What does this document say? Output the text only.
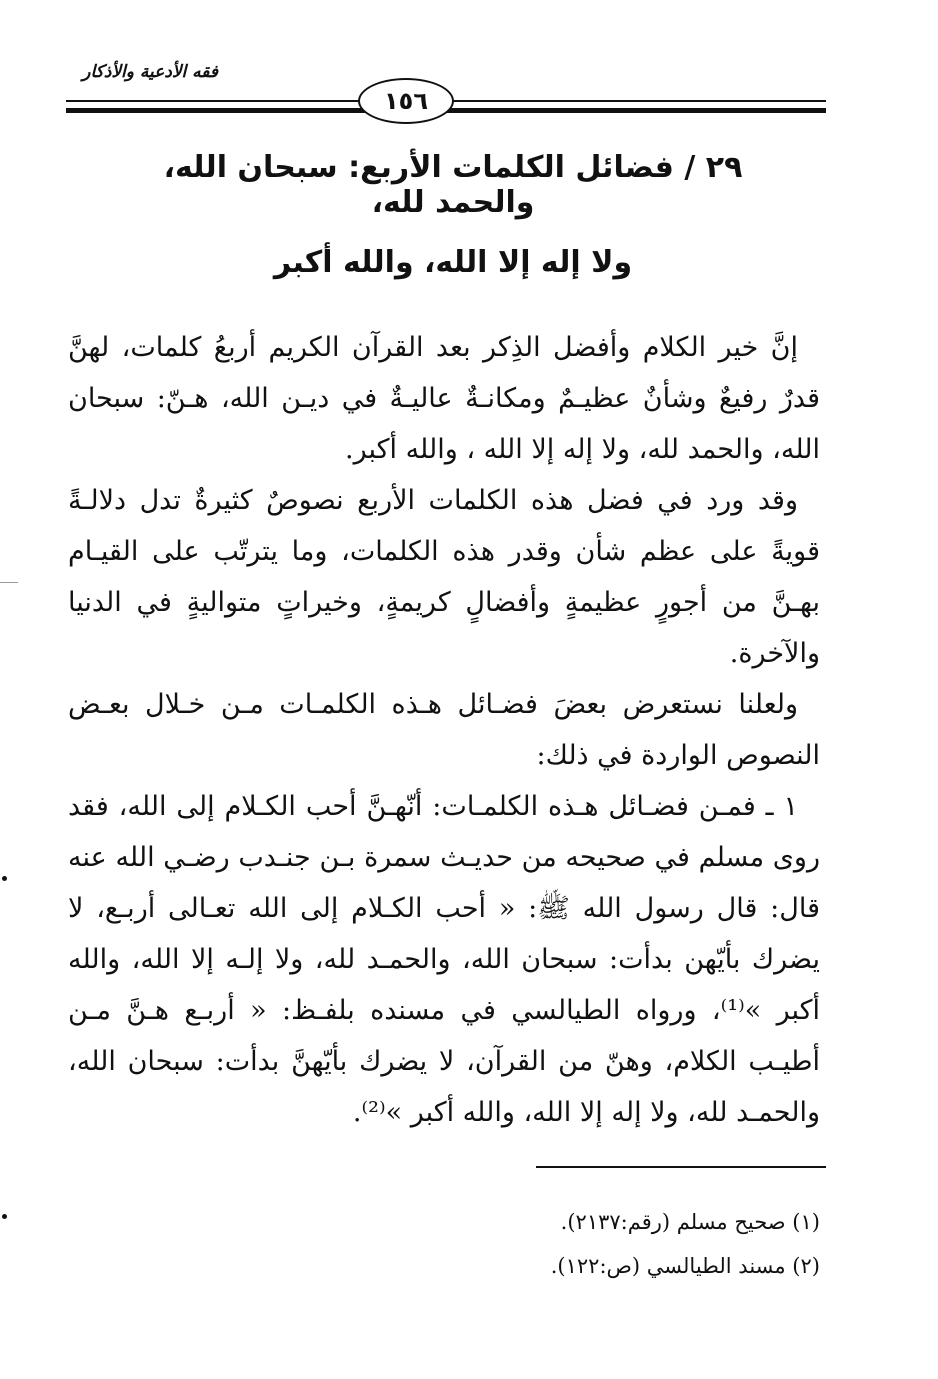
فقه الأدعية والأذكار
١٥٦
٢٩ / فضائل الكلمات الأربع: سبحان الله، والحمد لله،
ولا إله إلا الله، والله أكبر

إنَّ خير الكلام وأفضل الذِكر بعد القرآن الكريم أربعُ كلمات، لهنَّ قدرٌ رفيعٌ وشأنٌ عظيـمٌ ومكانـةٌ عاليـةٌ في ديـن الله، هـنّ: سبحان الله، والحمد لله، ولا إله إلا الله ، والله أكبر.

وقد ورد في فضل هذه الكلمات الأربع نصوصٌ كثيرةٌ تدل دلالـةً قويةً على عظم شأن وقدر هذه الكلمات، وما يترتّب على القيـام بهـنَّ من أجورٍ عظيمةٍ وأفضالٍ كريمةٍ، وخيراتٍ متواليةٍ في الدنيا والآخرة.

ولعلنا نستعرض بعضَ فضـائل هـذه الكلمـات مـن خـلال بعـض النصوص الواردة في ذلك:

١ ـ فمـن فضـائل هـذه الكلمـات: أنّهـنَّ أحب الكـلام إلى الله، فقد روى مسلم في صحيحه من حديـث سمرة بـن جنـدب رضـي الله عنه قال: قال رسول الله ﷺ: « أحب الكـلام إلى الله تعـالى أربـع، لا يضرك بأيّهن بدأت: سبحان الله، والحمـد لله، ولا إلـه إلا الله، والله أكبر »⁽¹⁾، ورواه الطيالسي في مسنده بلفـظ: « أربـع هـنَّ مـن أطيـب الكلام، وهنّ من القرآن، لا يضرك بأيّهنَّ بدأت: سبحان الله، والحمـد لله، ولا إله إلا الله، والله أكبر »⁽²⁾.

(١) صحيح مسلم (رقم:٢١٣٧).
(٢) مسند الطيالسي (ص:١٢٢).
